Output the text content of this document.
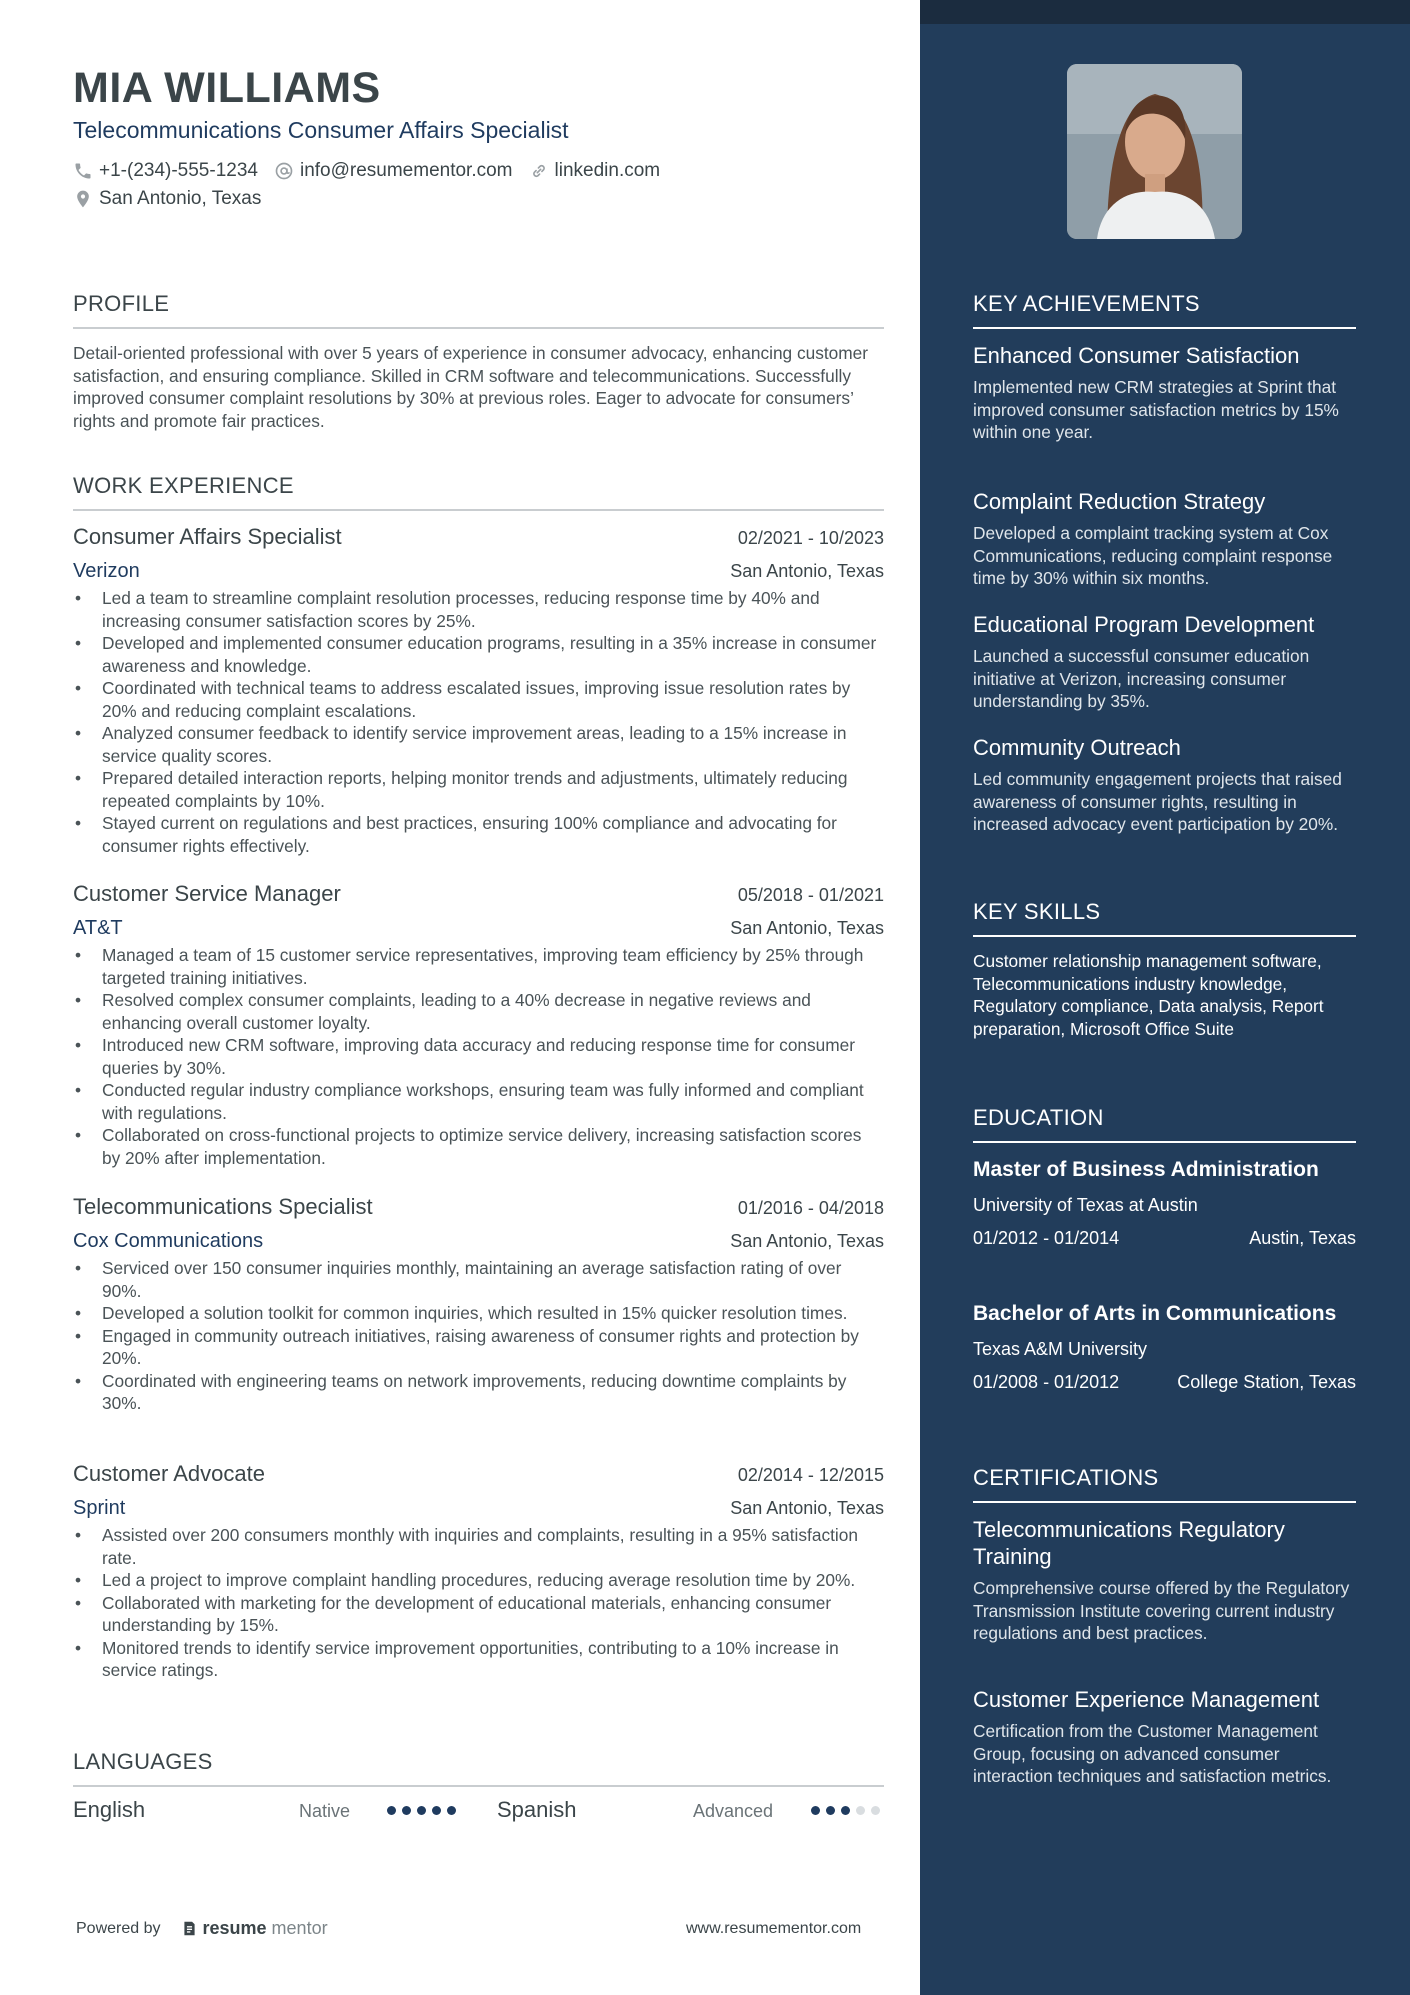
MIA WILLIAMS
Telecommunications Consumer Affairs Specialist
+1-(234)-555-1234 info@resumementor.com linkedin.com
San Antonio, Texas
PROFILE
Detail-oriented professional with over 5 years of experience in consumer advocacy, enhancing customer satisfaction, and ensuring compliance. Skilled in CRM software and telecommunications. Successfully improved consumer complaint resolutions by 30% at previous roles. Eager to advocate for consumers’ rights and promote fair practices.
WORK EXPERIENCE
Consumer Affairs Specialist	02/2021 - 10/2023
Verizon	San Antonio, Texas
• Led a team to streamline complaint resolution processes, reducing response time by 40% and increasing consumer satisfaction scores by 25%.
• Developed and implemented consumer education programs, resulting in a 35% increase in consumer awareness and knowledge.
• Coordinated with technical teams to address escalated issues, improving issue resolution rates by 20% and reducing complaint escalations.
• Analyzed consumer feedback to identify service improvement areas, leading to a 15% increase in service quality scores.
• Prepared detailed interaction reports, helping monitor trends and adjustments, ultimately reducing repeated complaints by 10%.
• Stayed current on regulations and best practices, ensuring 100% compliance and advocating for consumer rights effectively.
Customer Service Manager	05/2018 - 01/2021
AT&T	San Antonio, Texas
• Managed a team of 15 customer service representatives, improving team efficiency by 25% through targeted training initiatives.
• Resolved complex consumer complaints, leading to a 40% decrease in negative reviews and enhancing overall customer loyalty.
• Introduced new CRM software, improving data accuracy and reducing response time for consumer queries by 30%.
• Conducted regular industry compliance workshops, ensuring team was fully informed and compliant with regulations.
• Collaborated on cross-functional projects to optimize service delivery, increasing satisfaction scores by 20% after implementation.
Telecommunications Specialist	01/2016 - 04/2018
Cox Communications	San Antonio, Texas
• Serviced over 150 consumer inquiries monthly, maintaining an average satisfaction rating of over 90%.
• Developed a solution toolkit for common inquiries, which resulted in 15% quicker resolution times.
• Engaged in community outreach initiatives, raising awareness of consumer rights and protection by 20%.
• Coordinated with engineering teams on network improvements, reducing downtime complaints by 30%.
Customer Advocate	02/2014 - 12/2015
Sprint	San Antonio, Texas
• Assisted over 200 consumers monthly with inquiries and complaints, resulting in a 95% satisfaction rate.
• Led a project to improve complaint handling procedures, reducing average resolution time by 20%.
• Collaborated with marketing for the development of educational materials, enhancing consumer understanding by 15%.
• Monitored trends to identify service improvement opportunities, contributing to a 10% increase in service ratings.
LANGUAGES
English	Native	Spanish	Advanced
Powered by resume mentor	www.resumementor.com
KEY ACHIEVEMENTS
Enhanced Consumer Satisfaction
Implemented new CRM strategies at Sprint that improved consumer satisfaction metrics by 15% within one year.
Complaint Reduction Strategy
Developed a complaint tracking system at Cox Communications, reducing complaint response time by 30% within six months.
Educational Program Development
Launched a successful consumer education initiative at Verizon, increasing consumer understanding by 35%.
Community Outreach
Led community engagement projects that raised awareness of consumer rights, resulting in increased advocacy event participation by 20%.
KEY SKILLS
Customer relationship management software, Telecommunications industry knowledge, Regulatory compliance, Data analysis, Report preparation, Microsoft Office Suite
EDUCATION
Master of Business Administration
University of Texas at Austin
01/2012 - 01/2014	Austin, Texas
Bachelor of Arts in Communications
Texas A&M University
01/2008 - 01/2012	College Station, Texas
CERTIFICATIONS
Telecommunications Regulatory Training
Comprehensive course offered by the Regulatory Transmission Institute covering current industry regulations and best practices.
Customer Experience Management
Certification from the Customer Management Group, focusing on advanced consumer interaction techniques and satisfaction metrics.
